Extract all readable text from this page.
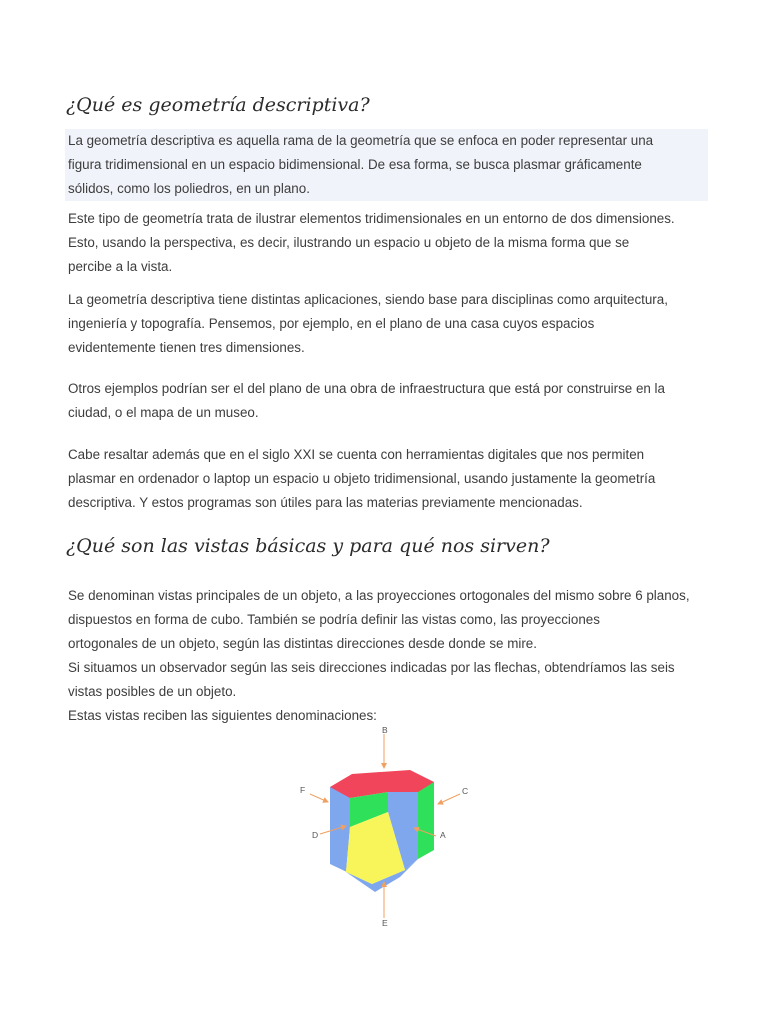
¿Qué es geometría descriptiva?

La geometría descriptiva es aquella rama de la geometría que se enfoca en poder representar una
figura tridimensional en un espacio bidimensional. De esa forma, se busca plasmar gráficamente
sólidos, como los poliedros, en un plano.

Este tipo de geometría trata de ilustrar elementos tridimensionales en un entorno de dos dimensiones.
Esto, usando la perspectiva, es decir, ilustrando un espacio u objeto de la misma forma que se
percibe a la vista.

La geometría descriptiva tiene distintas aplicaciones, siendo base para disciplinas como arquitectura,
ingeniería y topografía. Pensemos, por ejemplo, en el plano de una casa cuyos espacios
evidentemente tienen tres dimensiones.

Otros ejemplos podrían ser el del plano de una obra de infraestructura que está por construirse en la
ciudad, o el mapa de un museo.

Cabe resaltar además que en el siglo XXI se cuenta con herramientas digitales que nos permiten
plasmar en ordenador o laptop un espacio u objeto tridimensional, usando justamente la geometría
descriptiva. Y estos programas son útiles para las materias previamente mencionadas.

¿Qué son las vistas básicas y para qué nos sirven?

Se denominan vistas principales de un objeto, a las proyecciones ortogonales del mismo sobre 6 planos,
dispuestos en forma de cubo. También se podría definir las vistas como, las proyecciones
ortogonales de un objeto, según las distintas direcciones desde donde se mire.
Si situamos un observador según las seis direcciones indicadas por las flechas, obtendríamos las seis
vistas posibles de un objeto.
Estas vistas reciben las siguientes denominaciones:

B
F	C
D	A
E
